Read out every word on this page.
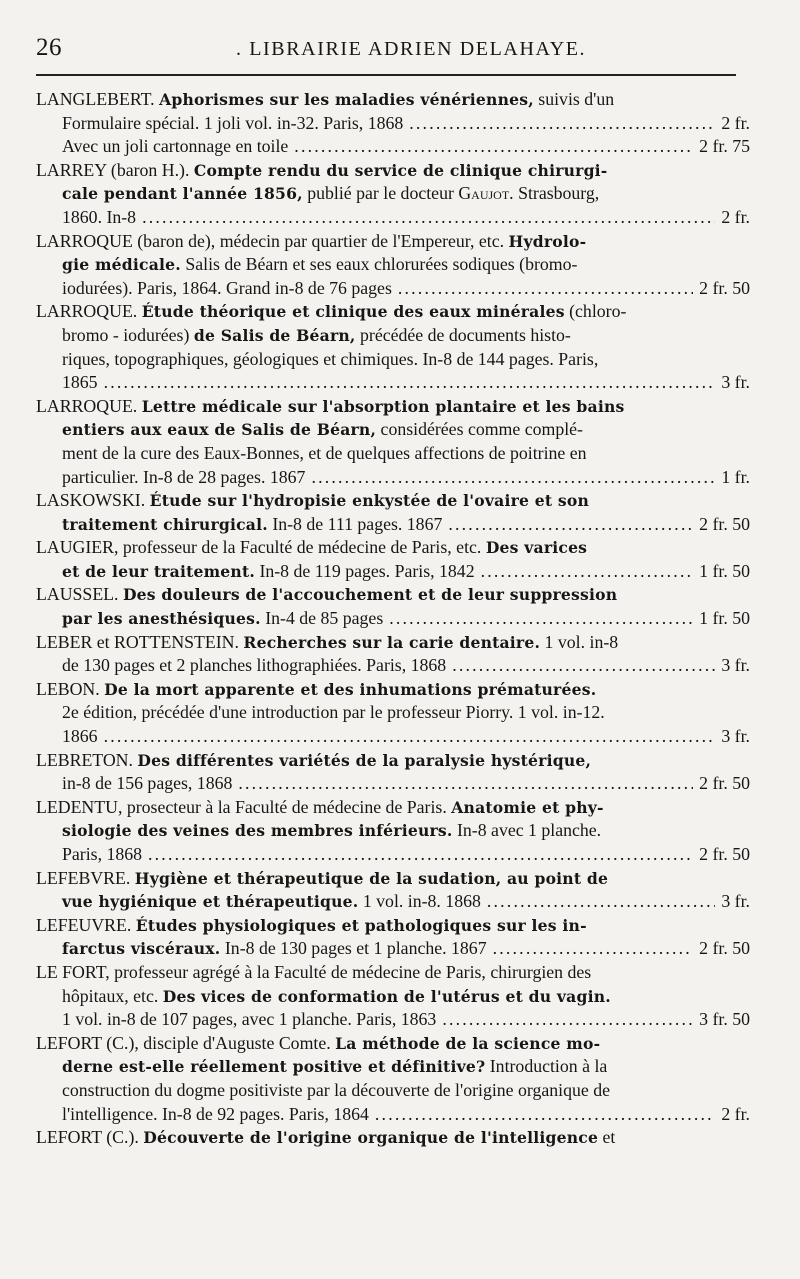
26	. LIBRAIRIE ADRIEN DELAHAYE.
LANGLEBERT. Aphorismes sur les maladies vénériennes, suivis d'un
Formulaire spécial. 1 joli vol. in-32. Paris, 1868 .....	2 fr.
Avec un joli cartonnage en toile .....	2 fr. 75
LARREY (baron H.). Compte rendu du service de clinique chirurgi-
cale pendant l'année 1856, publié par le docteur Gaujot . Strasbourg,
1860. In-8 .....	2 fr.
LARROQUE (baron de), médecin par quartier de l'Empereur, etc. Hydrolo-
gie médicale. Salis de Béarn et ses eaux chlorurées sodiques (bromo-
iodurées). Paris, 1864. Grand in-8 de 76 pages .....	2 fr. 50
LARROQUE. Étude théorique et clinique des eaux minérales (chloro-
bromo - iodurées) de Salis de Béarn, précédée de documents histo-
riques, topographiques, géologiques et chimiques. In-8 de 144 pages. Paris,
1865 .....	3 fr.
LARROQUE. Lettre médicale sur l'absorption plantaire et les bains
entiers aux eaux de Salis de Béarn, considérées comme complé-
ment de la cure des Eaux-Bonnes, et de quelques affections de poitrine en
particulier. In-8 de 28 pages. 1867 .....	1 fr.
LASKOWSKI. Étude sur l'hydropisie enkystée de l'ovaire et son
traitement chirurgical. In-8 de 111 pages. 1867 .....	2 fr. 50
LAUGIER, professeur de la Faculté de médecine de Paris, etc. Des varices
et de leur traitement. In-8 de 119 pages. Paris, 1842 .....	1 fr. 50
LAUSSEL. Des douleurs de l'accouchement et de leur suppression
par les anesthésiques. In-4 de 85 pages .....	1 fr. 50
LEBER et ROTTENSTEIN. Recherches sur la carie dentaire. 1 vol. in-8
de 130 pages et 2 planches lithographiées. Paris, 1868 .....	3 fr.
LEBON. De la mort apparente et des inhumations prématurées.
2e édition, précédée d'une introduction par le professeur Piorry. 1 vol. in-12.
1866 .....	3 fr.
LEBRETON. Des différentes variétés de la paralysie hystérique,
in-8 de 156 pages, 1868 .....	2 fr. 50
LEDENTU, prosecteur à la Faculté de médecine de Paris. Anatomie et phy-
siologie des veines des membres inférieurs. In-8 avec 1 planche.
Paris, 1868 .....	2 fr. 50
LEFEBVRE. Hygiène et thérapeutique de la sudation, au point de
vue hygiénique et thérapeutique. 1 vol. in-8. 1868 .....	3 fr.
LEFEUVRE. Études physiologiques et pathologiques sur les in-
farctus viscéraux. In-8 de 130 pages et 1 planche. 1867 .....	2 fr. 50
LE FORT, professeur agrégé à la Faculté de médecine de Paris, chirurgien des
hôpitaux, etc. Des vices de conformation de l'utérus et du vagin.
1 vol. in-8 de 107 pages, avec 1 planche. Paris, 1863 .....	3 fr. 50
LEFORT (C.), disciple d'Auguste Comte. La méthode de la science mo-
derne est-elle réellement positive et définitive? Introduction à la
construction du dogme positiviste par la découverte de l'origine organique de
l'intelligence. In-8 de 92 pages. Paris, 1864 .....	2 fr.
LEFORT (C.). Découverte de l'origine organique de l'intelligence et
